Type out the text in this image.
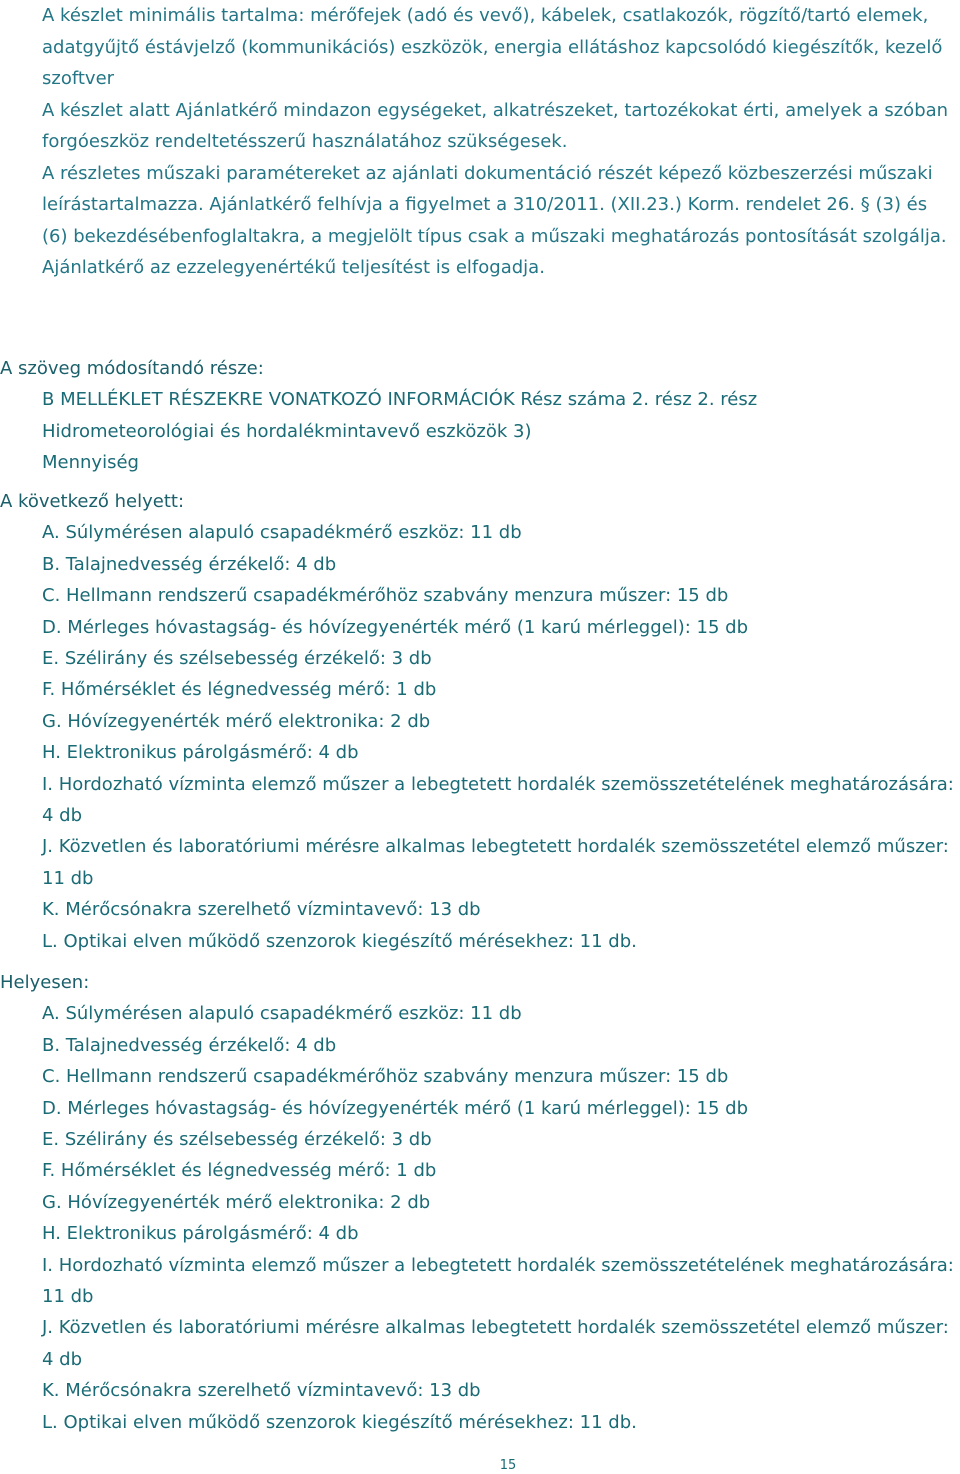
A készlet minimális tartalma: mérőfejek (adó és vevő), kábelek, csatlakozók, rögzítő/tartó elemek, adatgyűjtő éstávjelző (kommunikációs) eszközök, energia ellátáshoz kapcsolódó kiegészítők, kezelő szoftver

A készlet alatt Ajánlatkérő mindazon egységeket, alkatrészeket, tartozékokat érti, amelyek a szóban forgóeszköz rendeltetésszerű használatához szükségesek.

A részletes műszaki paramétereket az ajánlati dokumentáció részét képező közbeszerzési műszaki leírástartalmazza. Ajánlatkérő felhívja a figyelmet a 310/2011. (XII.23.) Korm. rendelet 26. § (3) és (6) bekezdésébenfoglaltakra, a megjelölt típus csak a műszaki meghatározás pontosítását szolgálja. Ajánlatkérő az ezzelegyenértékű teljesítést is elfogadja.

A szöveg módosítandó része:

B MELLÉKLET RÉSZEKRE VONATKOZÓ INFORMÁCIÓK Rész száma 2. rész 2. rész

Hidrometeorológiai és hordalékmintavevő eszközök 3)

Mennyiség

A következő helyett:

A. Súlymérésen alapuló csapadékmérő eszköz: 11 db

B. Talajnedvesség érzékelő: 4 db

C. Hellmann rendszerű csapadékmérőhöz szabvány menzura műszer: 15 db

D. Mérleges hóvastagság- és hóvízegyenérték mérő (1 karú mérleggel): 15 db

E. Szélirány és szélsebesség érzékelő: 3 db

F. Hőmérséklet és légnedvesség mérő: 1 db

G. Hóvízegyenérték mérő elektronika: 2 db

H. Elektronikus párolgásmérő: 4 db

I. Hordozható vízminta elemző műszer a lebegtetett hordalék szemösszetételének meghatározására: 4 db

J. Közvetlen és laboratóriumi mérésre alkalmas lebegtetett hordalék szemösszetétel elemző műszer: 11 db

K. Mérőcsónakra szerelhető vízmintavevő: 13 db

L. Optikai elven működő szenzorok kiegészítő mérésekhez: 11 db.

Helyesen:

A. Súlymérésen alapuló csapadékmérő eszköz: 11 db

B. Talajnedvesség érzékelő: 4 db

C. Hellmann rendszerű csapadékmérőhöz szabvány menzura műszer: 15 db

D. Mérleges hóvastagság- és hóvízegyenérték mérő (1 karú mérleggel): 15 db

E. Szélirány és szélsebesség érzékelő: 3 db

F. Hőmérséklet és légnedvesség mérő: 1 db

G. Hóvízegyenérték mérő elektronika: 2 db

H. Elektronikus párolgásmérő: 4 db

I. Hordozható vízminta elemző műszer a lebegtetett hordalék szemösszetételének meghatározására: 11 db

J. Közvetlen és laboratóriumi mérésre alkalmas lebegtetett hordalék szemösszetétel elemző műszer: 4 db

K. Mérőcsónakra szerelhető vízmintavevő: 13 db

L. Optikai elven működő szenzorok kiegészítő mérésekhez: 11 db.

15
